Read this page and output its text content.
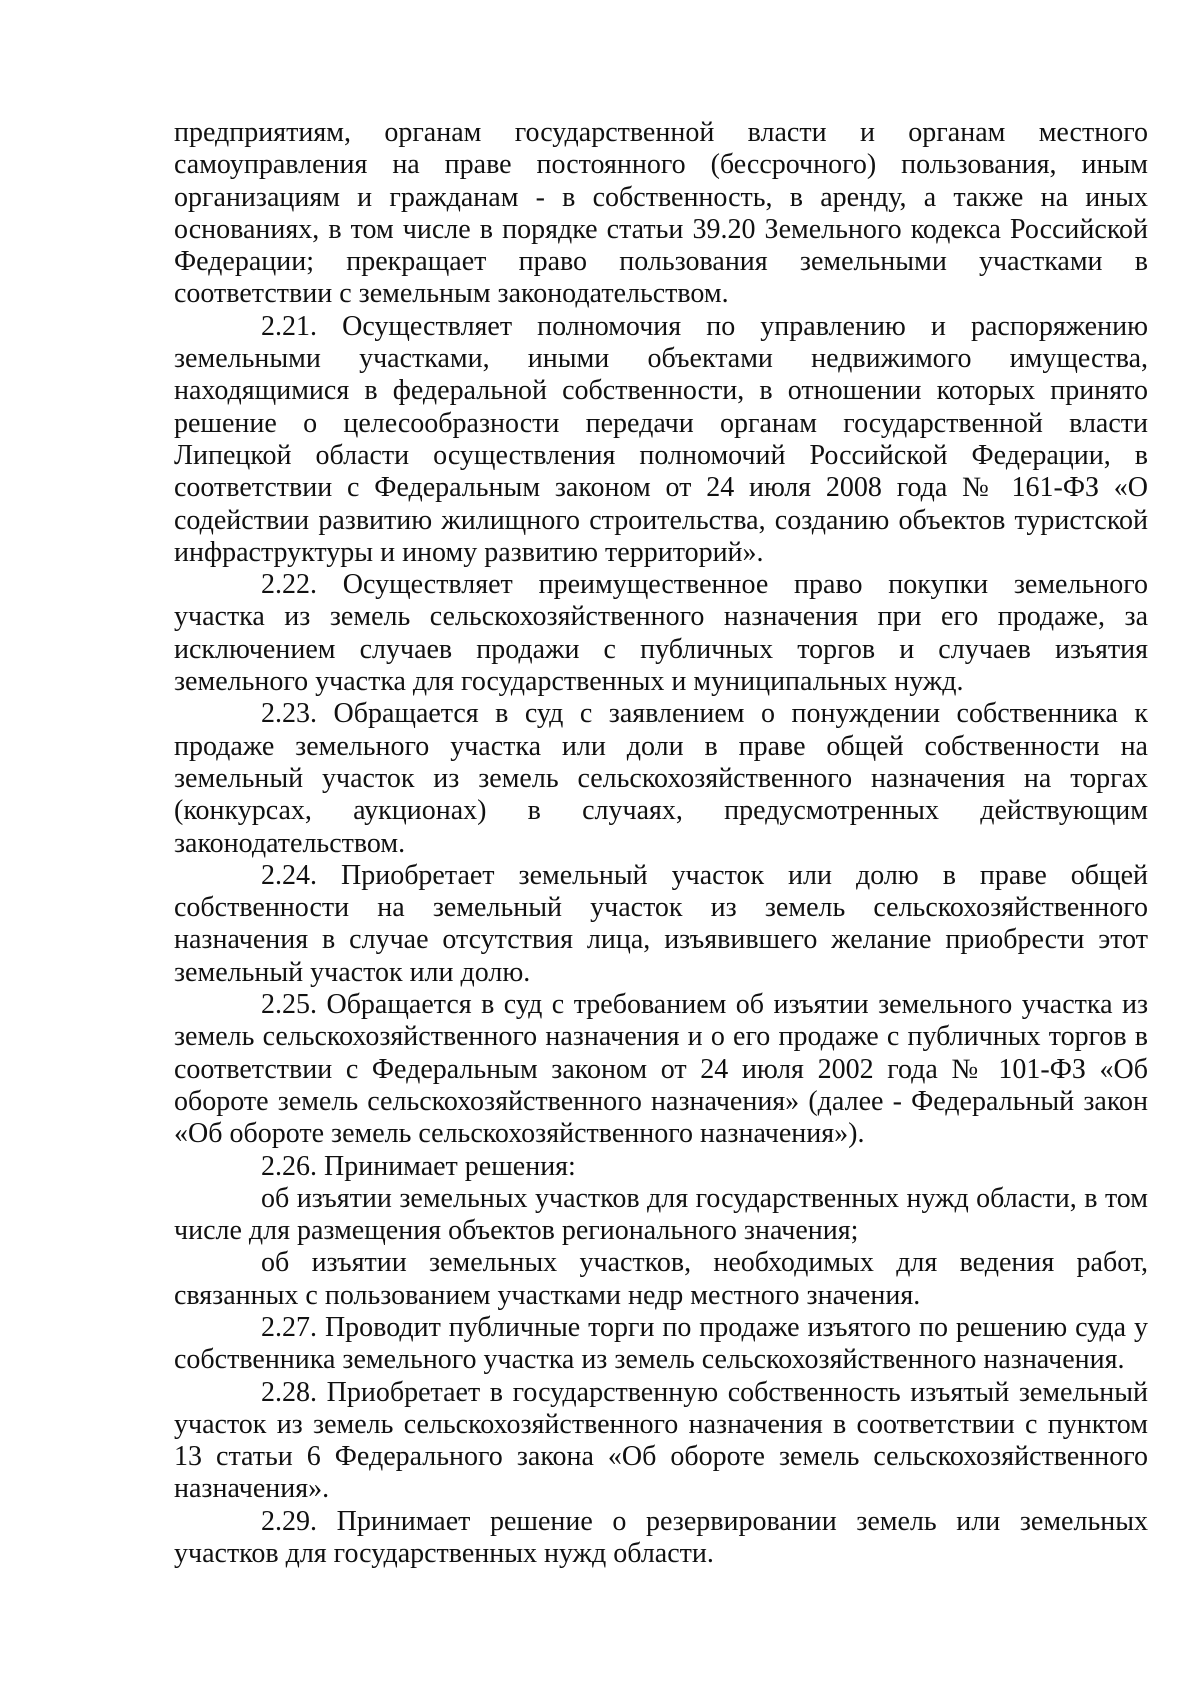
предприятиям, органам государственной власти и органам местного самоуправления на праве постоянного (бессрочного) пользования, иным организациям и гражданам - в собственность, в аренду, а также на иных основаниях, в том числе в порядке статьи 39.20 Земельного кодекса Российской Федерации; прекращает право пользования земельными участками в соответствии с земельным законодательством.

2.21. Осуществляет полномочия по управлению и распоряжению земельными участками, иными объектами недвижимого имущества, находящимися в федеральной собственности, в отношении которых принято решение о целесообразности передачи органам государственной власти Липецкой области осуществления полномочий Российской Федерации, в соответствии с Федеральным законом от 24 июля 2008 года № 161-ФЗ «О содействии развитию жилищного строительства, созданию объектов туристской инфраструктуры и иному развитию территорий».

2.22. Осуществляет преимущественное право покупки земельного участка из земель сельскохозяйственного назначения при его продаже, за исключением случаев продажи с публичных торгов и случаев изъятия земельного участка для государственных и муниципальных нужд.

2.23. Обращается в суд с заявлением о понуждении собственника к продаже земельного участка или доли в праве общей собственности на земельный участок из земель сельскохозяйственного назначения на торгах (конкурсах, аукционах) в случаях, предусмотренных действующим законодательством.

2.24. Приобретает земельный участок или долю в праве общей собственности на земельный участок из земель сельскохозяйственного назначения в случае отсутствия лица, изъявившего желание приобрести этот земельный участок или долю.

2.25. Обращается в суд с требованием об изъятии земельного участка из земель сельскохозяйственного назначения и о его продаже с публичных торгов в соответствии с Федеральным законом от 24 июля 2002 года № 101-ФЗ «Об обороте земель сельскохозяйственного назначения» (далее - Федеральный закон «Об обороте земель сельскохозяйственного назначения»).

2.26. Принимает решения:

об изъятии земельных участков для государственных нужд области, в том числе для размещения объектов регионального значения;

об изъятии земельных участков, необходимых для ведения работ, связанных с пользованием участками недр местного значения.

2.27. Проводит публичные торги по продаже изъятого по решению суда у собственника земельного участка из земель сельскохозяйственного назначения.

2.28. Приобретает в государственную собственность изъятый земельный участок из земель сельскохозяйственного назначения в соответствии с пунктом 13 статьи 6 Федерального закона «Об обороте земель сельскохозяйственного назначения».

2.29. Принимает решение о резервировании земель или земельных участков для государственных нужд области.
